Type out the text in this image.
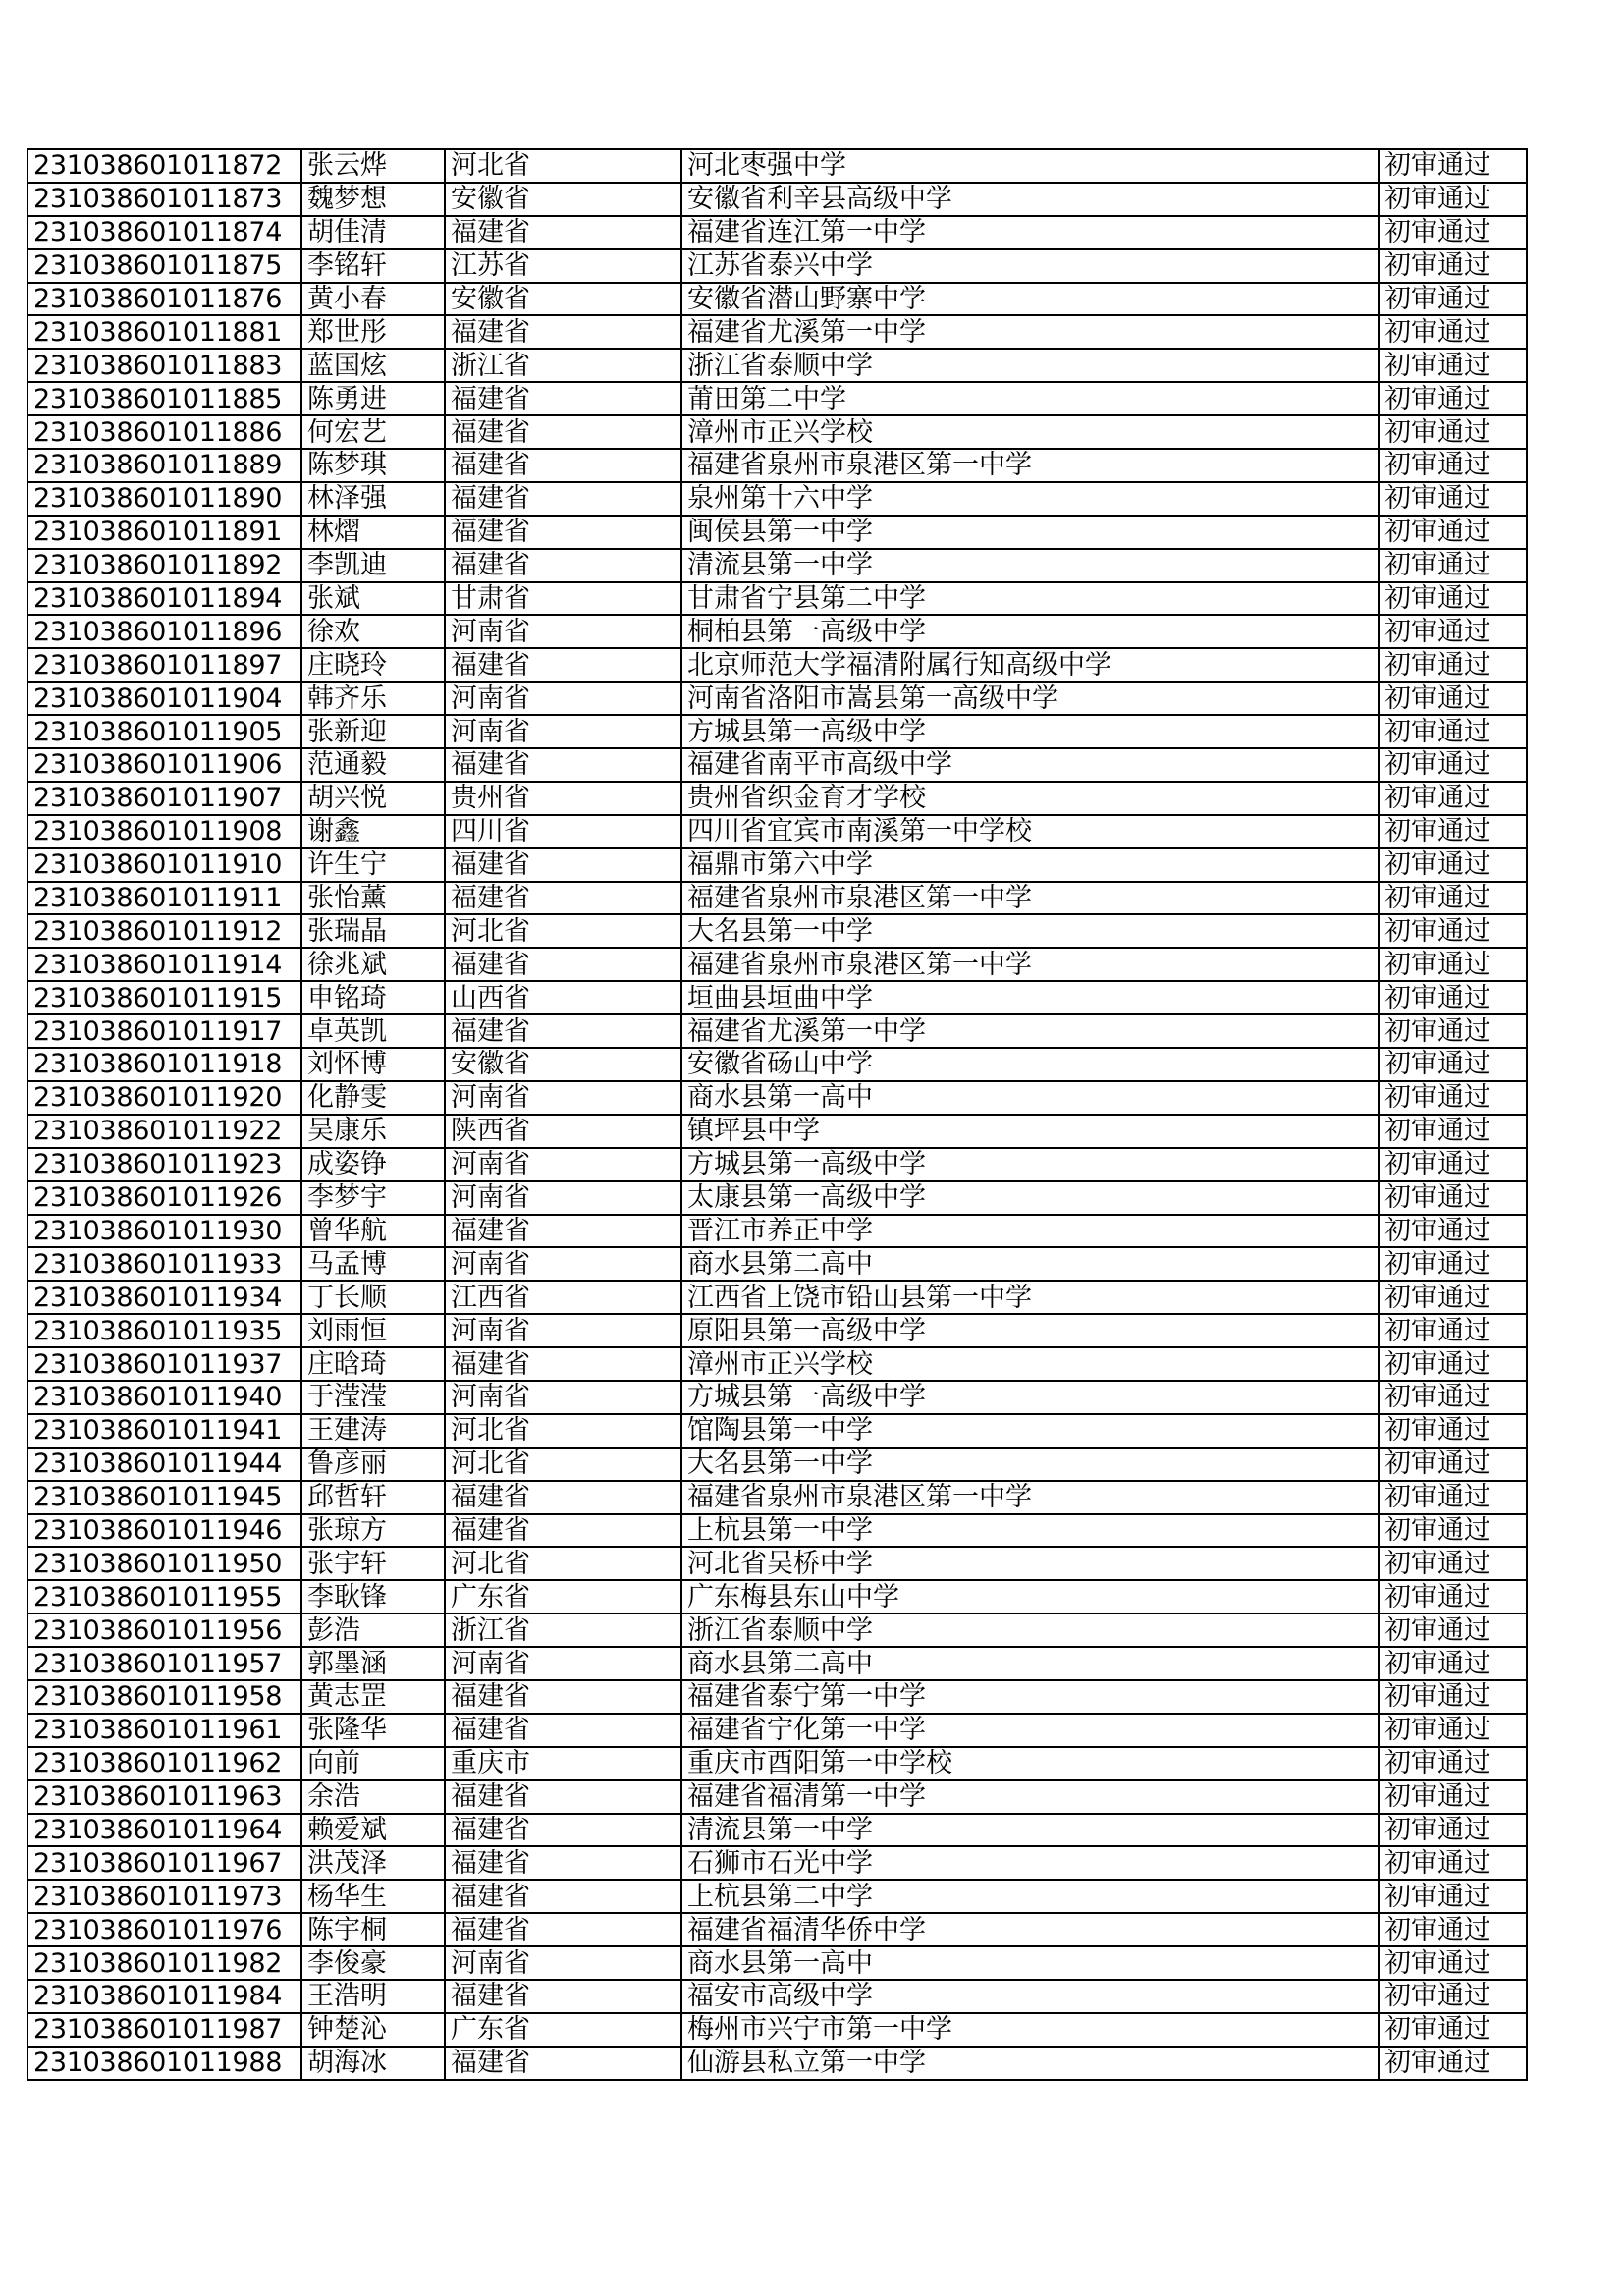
231038601011872	张云烨	河北省	河北枣强中学	初审通过
231038601011873	魏梦想	安徽省	安徽省利辛县高级中学	初审通过
231038601011874	胡佳清	福建省	福建省连江第一中学	初审通过
231038601011875	李铭轩	江苏省	江苏省泰兴中学	初审通过
231038601011876	黄小春	安徽省	安徽省潜山野寨中学	初审通过
231038601011881	郑世彤	福建省	福建省尤溪第一中学	初审通过
231038601011883	蓝国炫	浙江省	浙江省泰顺中学	初审通过
231038601011885	陈勇进	福建省	莆田第二中学	初审通过
231038601011886	何宏艺	福建省	漳州市正兴学校	初审通过
231038601011889	陈梦琪	福建省	福建省泉州市泉港区第一中学	初审通过
231038601011890	林泽强	福建省	泉州第十六中学	初审通过
231038601011891	林熠	福建省	闽侯县第一中学	初审通过
231038601011892	李凯迪	福建省	清流县第一中学	初审通过
231038601011894	张斌	甘肃省	甘肃省宁县第二中学	初审通过
231038601011896	徐欢	河南省	桐柏县第一高级中学	初审通过
231038601011897	庄晓玲	福建省	北京师范大学福清附属行知高级中学	初审通过
231038601011904	韩齐乐	河南省	河南省洛阳市嵩县第一高级中学	初审通过
231038601011905	张新迎	河南省	方城县第一高级中学	初审通过
231038601011906	范通毅	福建省	福建省南平市高级中学	初审通过
231038601011907	胡兴悦	贵州省	贵州省织金育才学校	初审通过
231038601011908	谢鑫	四川省	四川省宜宾市南溪第一中学校	初审通过
231038601011910	许生宁	福建省	福鼎市第六中学	初审通过
231038601011911	张怡薰	福建省	福建省泉州市泉港区第一中学	初审通过
231038601011912	张瑞晶	河北省	大名县第一中学	初审通过
231038601011914	徐兆斌	福建省	福建省泉州市泉港区第一中学	初审通过
231038601011915	申铭琦	山西省	垣曲县垣曲中学	初审通过
231038601011917	卓英凯	福建省	福建省尤溪第一中学	初审通过
231038601011918	刘怀博	安徽省	安徽省砀山中学	初审通过
231038601011920	化静雯	河南省	商水县第一高中	初审通过
231038601011922	吴康乐	陕西省	镇坪县中学	初审通过
231038601011923	成姿铮	河南省	方城县第一高级中学	初审通过
231038601011926	李梦宇	河南省	太康县第一高级中学	初审通过
231038601011930	曾华航	福建省	晋江市养正中学	初审通过
231038601011933	马孟博	河南省	商水县第二高中	初审通过
231038601011934	丁长顺	江西省	江西省上饶市铅山县第一中学	初审通过
231038601011935	刘雨恒	河南省	原阳县第一高级中学	初审通过
231038601011937	庄晗琦	福建省	漳州市正兴学校	初审通过
231038601011940	于滢滢	河南省	方城县第一高级中学	初审通过
231038601011941	王建涛	河北省	馆陶县第一中学	初审通过
231038601011944	鲁彦丽	河北省	大名县第一中学	初审通过
231038601011945	邱哲轩	福建省	福建省泉州市泉港区第一中学	初审通过
231038601011946	张琼方	福建省	上杭县第一中学	初审通过
231038601011950	张宇轩	河北省	河北省吴桥中学	初审通过
231038601011955	李耿锋	广东省	广东梅县东山中学	初审通过
231038601011956	彭浩	浙江省	浙江省泰顺中学	初审通过
231038601011957	郭墨涵	河南省	商水县第二高中	初审通过
231038601011958	黄志罡	福建省	福建省泰宁第一中学	初审通过
231038601011961	张隆华	福建省	福建省宁化第一中学	初审通过
231038601011962	向前	重庆市	重庆市酉阳第一中学校	初审通过
231038601011963	余浩	福建省	福建省福清第一中学	初审通过
231038601011964	赖爱斌	福建省	清流县第一中学	初审通过
231038601011967	洪茂泽	福建省	石狮市石光中学	初审通过
231038601011973	杨华生	福建省	上杭县第二中学	初审通过
231038601011976	陈宇桐	福建省	福建省福清华侨中学	初审通过
231038601011982	李俊豪	河南省	商水县第一高中	初审通过
231038601011984	王浩明	福建省	福安市高级中学	初审通过
231038601011987	钟楚沁	广东省	梅州市兴宁市第一中学	初审通过
231038601011988	胡海冰	福建省	仙游县私立第一中学	初审通过
